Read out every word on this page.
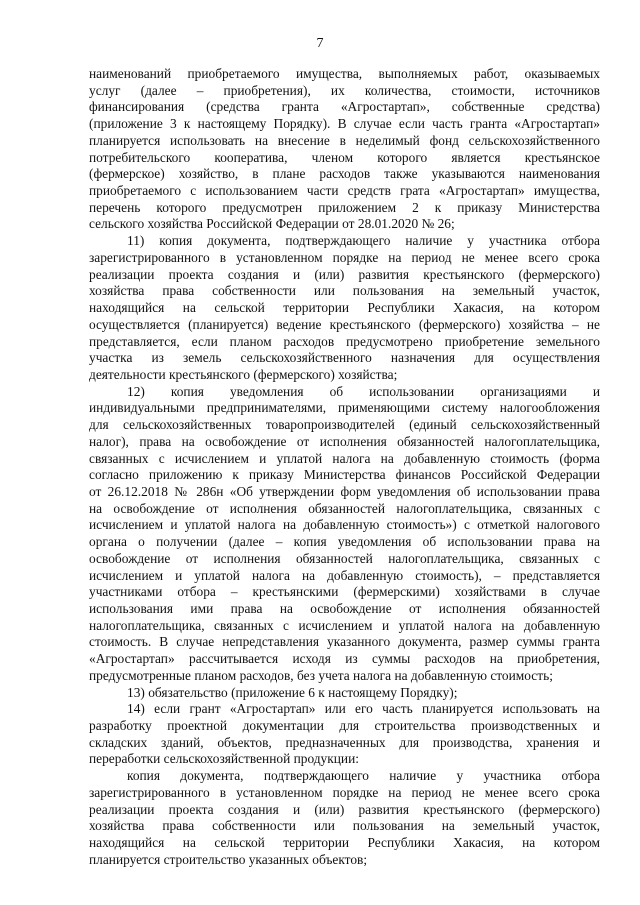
7
наименований приобретаемого имущества, выполняемых работ, оказываемых
услуг (далее – приобретения), их количества, стоимости, источников
финансирования (средства гранта «Агростартап», собственные средства)
(приложение 3 к настоящему Порядку). В случае если часть гранта «Агростартап»
планируется использовать на внесение в неделимый фонд сельскохозяйственного
потребительского кооператива, членом которого является крестьянское
(фермерское) хозяйство, в плане расходов также указываются наименования
приобретаемого с использованием части средств грата «Агростартап» имущества,
перечень которого предусмотрен приложением 2 к приказу Министерства
сельского хозяйства Российской Федерации от 28.01.2020 № 26;
11) копия документа, подтверждающего наличие у участника отбора
зарегистрированного в установленном порядке на период не менее всего срока
реализации проекта создания и (или) развития крестьянского (фермерского)
хозяйства права собственности или пользования на земельный участок,
находящийся на сельской территории Республики Хакасия, на котором
осуществляется (планируется) ведение крестьянского (фермерского) хозяйства – не
представляется, если планом расходов предусмотрено приобретение земельного
участка из земель сельскохозяйственного назначения для осуществления
деятельности крестьянского (фермерского) хозяйства;
12) копия уведомления об использовании организациями и
индивидуальными предпринимателями, применяющими систему налогообложения
для сельскохозяйственных товаропроизводителей (единый сельскохозяйственный
налог), права на освобождение от исполнения обязанностей налогоплательщика,
связанных с исчислением и уплатой налога на добавленную стоимость (форма
согласно приложению к приказу Министерства финансов Российской Федерации
от 26.12.2018 № 286н «Об утверждении форм уведомления об использовании права
на освобождение от исполнения обязанностей налогоплательщика, связанных с
исчислением и уплатой налога на добавленную стоимость») с отметкой налогового
органа о получении (далее – копия уведомления об использовании права на
освобождение от исполнения обязанностей налогоплательщика, связанных с
исчислением и уплатой налога на добавленную стоимость), – представляется
участниками отбора – крестьянскими (фермерскими) хозяйствами в случае
использования ими права на освобождение от исполнения обязанностей
налогоплательщика, связанных с исчислением и уплатой налога на добавленную
стоимость. В случае непредставления указанного документа, размер суммы гранта
«Агростартап» рассчитывается исходя из суммы расходов на приобретения,
предусмотренные планом расходов, без учета налога на добавленную стоимость;
13) обязательство (приложение 6 к настоящему Порядку);
14) если грант «Агростартап» или его часть планируется использовать на
разработку проектной документации для строительства производственных и
складских зданий, объектов, предназначенных для производства, хранения и
переработки сельскохозяйственной продукции:
копия документа, подтверждающего наличие у участника отбора
зарегистрированного в установленном порядке на период не менее всего срока
реализации проекта создания и (или) развития крестьянского (фермерского)
хозяйства права собственности или пользования на земельный участок,
находящийся на сельской территории Республики Хакасия, на котором
планируется строительство указанных объектов;
